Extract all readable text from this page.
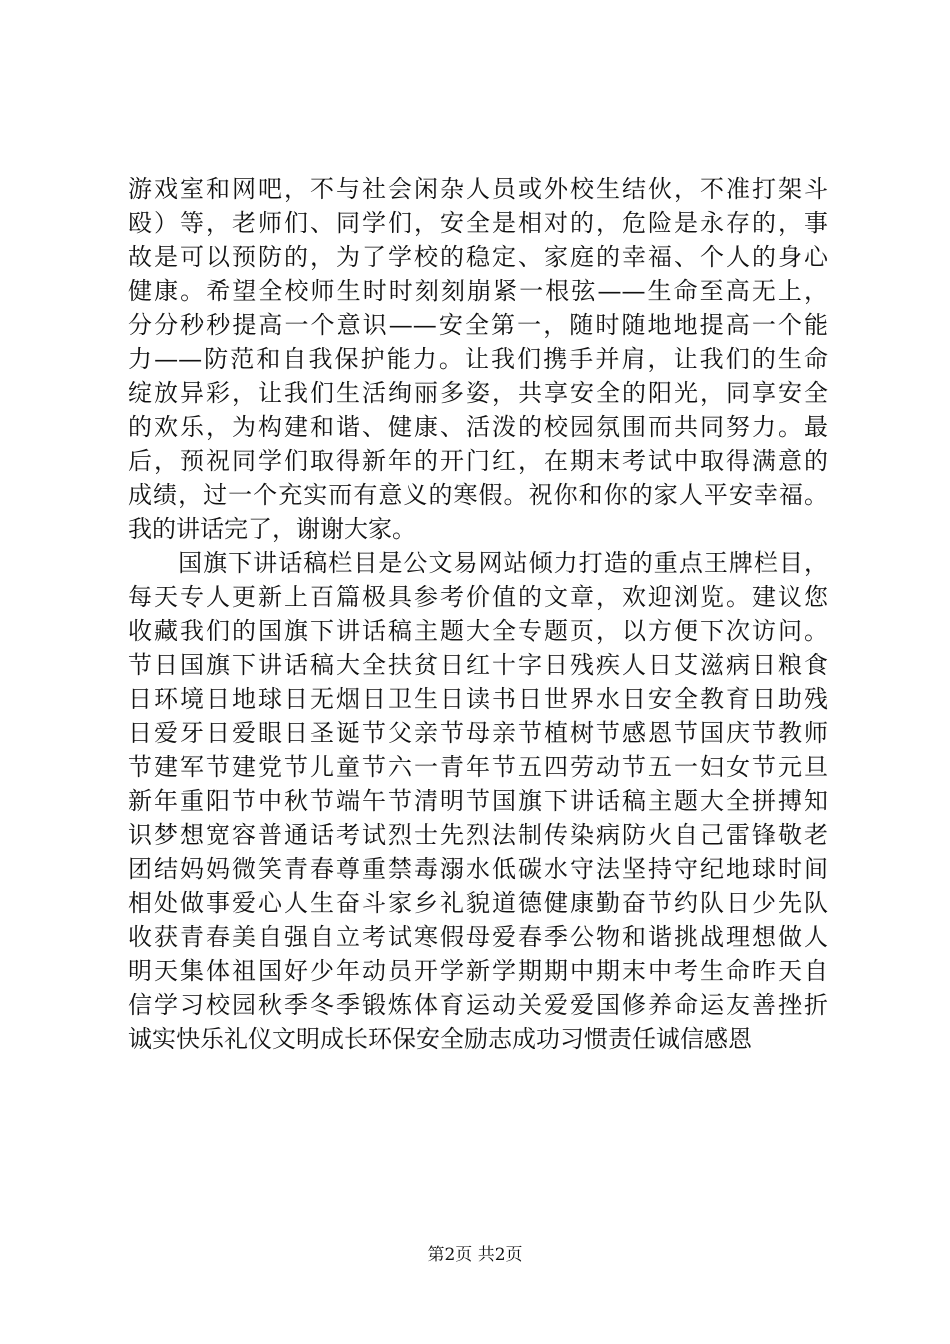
游戏室和网吧，不与社会闲杂人员或外校生结伙，不准打架斗
殴）等，老师们、同学们，安全是相对的，危险是永存的，事
故是可以预防的，为了学校的稳定、家庭的幸福、个人的身心
健康。希望全校师生时时刻刻崩紧一根弦——生命至高无上，
分分秒秒提高一个意识——安全第一，随时随地地提高一个能
力——防范和自我保护能力。让我们携手并肩，让我们的生命
绽放异彩，让我们生活绚丽多姿，共享安全的阳光，同享安全
的欢乐，为构建和谐、健康、活泼的校园氛围而共同努力。最
后，预祝同学们取得新年的开门红，在期末考试中取得满意的
成绩，过一个充实而有意义的寒假。祝你和你的家人平安幸福。
我的讲话完了，谢谢大家。
　　国旗下讲话稿栏目是公文易网站倾力打造的重点王牌栏目，
每天专人更新上百篇极具参考价值的文章，欢迎浏览。建议您
收藏我们的国旗下讲话稿主题大全专题页，以方便下次访问。
节日国旗下讲话稿大全扶贫日红十字日残疾人日艾滋病日粮食
日环境日地球日无烟日卫生日读书日世界水日安全教育日助残
日爱牙日爱眼日圣诞节父亲节母亲节植树节感恩节国庆节教师
节建军节建党节儿童节六一青年节五四劳动节五一妇女节元旦
新年重阳节中秋节端午节清明节国旗下讲话稿主题大全拼搏知
识梦想宽容普通话考试烈士先烈法制传染病防火自己雷锋敬老
团结妈妈微笑青春尊重禁毒溺水低碳水守法坚持守纪地球时间
相处做事爱心人生奋斗家乡礼貌道德健康勤奋节约队日少先队
收获青春美自强自立考试寒假母爱春季公物和谐挑战理想做人
明天集体祖国好少年动员开学新学期期中期末中考生命昨天自
信学习校园秋季冬季锻炼体育运动关爱爱国修养命运友善挫折
诚实快乐礼仪文明成长环保安全励志成功习惯责任诚信感恩
第2页 共2页
